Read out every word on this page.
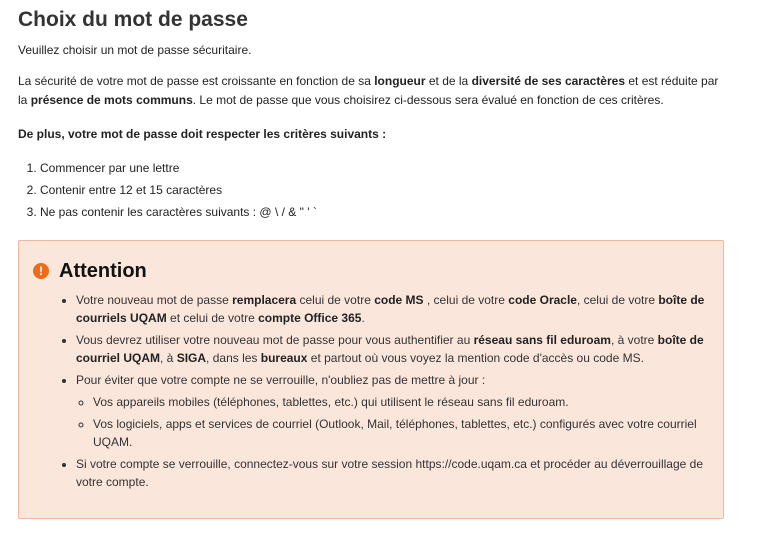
Choix du mot de passe

Veuillez choisir un mot de passe sécuritaire.

La sécurité de votre mot de passe est croissante en fonction de sa longueur et de la diversité de ses caractères et est réduite par la présence de mots communs. Le mot de passe que vous choisirez ci-dessous sera évalué en fonction de ces critères.

De plus, votre mot de passe doit respecter les critères suivants :

1. Commencer par une lettre
2. Contenir entre 12 et 15 caractères
3. Ne pas contenir les caractères suivants : @ \ / & " ' `
! Attention
• Votre nouveau mot de passe remplacera celui de votre code MS , celui de votre code Oracle, celui de votre boîte de courriels UQAM et celui de votre compte Office 365.
• Vous devrez utiliser votre nouveau mot de passe pour vous authentifier au réseau sans fil eduroam, à votre boîte de courriel UQAM, à SIGA, dans les bureaux et partout où vous voyez la mention code d'accès ou code MS.
• Pour éviter que votre compte ne se verrouille, n'oubliez pas de mettre à jour :
◦ Vos appareils mobiles (téléphones, tablettes, etc.) qui utilisent le réseau sans fil eduroam.
◦ Vos logiciels, apps et services de courriel (Outlook, Mail, téléphones, tablettes, etc.) configurés avec votre courriel UQAM.
• Si votre compte se verrouille, connectez-vous sur votre session https://code.uqam.ca et procéder au déverrouillage de votre compte.
